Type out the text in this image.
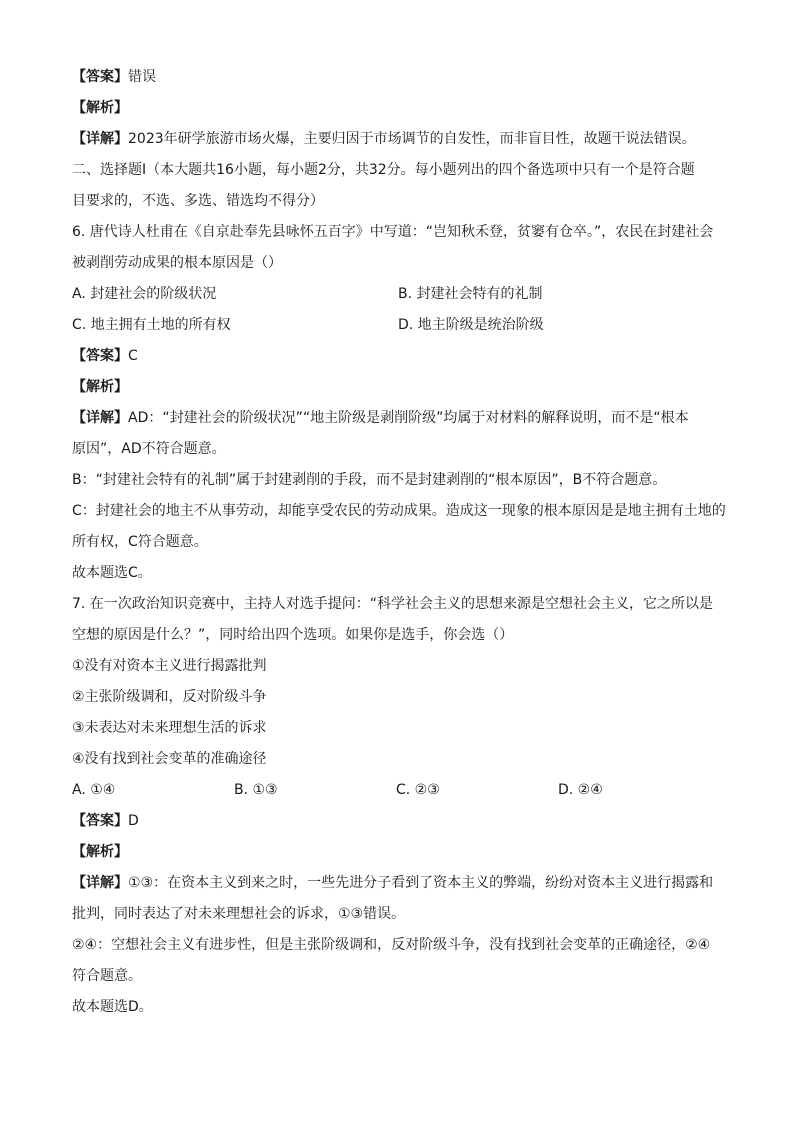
【答案】错误
【解析】
【详解】2023年研学旅游市场火爆，主要归因于市场调节的自发性，而非盲目性，故题干说法错误。
二、选择题Ⅰ（本大题共16小题，每小题2分，共32分。每小题列出的四个备选项中只有一个是符合题
目要求的，不选、多选、错选均不得分）
6. 唐代诗人杜甫在《自京赴奉先县咏怀五百字》中写道：“岂知秋禾登，贫窭有仓卒。”，农民在封建社会
被剥削劳动成果的根本原因是（）
A. 封建社会的阶级状况	B. 封建社会特有的礼制
C. 地主拥有土地的所有权	D. 地主阶级是统治阶级
【答案】C
【解析】
【详解】AD：“封建社会的阶级状况”“地主阶级是剥削阶级”均属于对材料的解释说明，而不是“根本
原因”，AD不符合题意。
B：“封建社会特有的礼制”属于封建剥削的手段，而不是封建剥削的“根本原因”，B不符合题意。
C：封建社会的地主不从事劳动，却能享受农民的劳动成果。造成这一现象的根本原因是是地主拥有土地的
所有权，C符合题意。
故本题选C。
7. 在一次政治知识竞赛中，主持人对选手提问：“科学社会主义的思想来源是空想社会主义，它之所以是
空想的原因是什么？”，同时给出四个选项。如果你是选手，你会选（）
①没有对资本主义进行揭露批判
②主张阶级调和，反对阶级斗争
③未表达对未来理想生活的诉求
④没有找到社会变革的准确途径
A. ①④	B. ①③	C. ②③	D. ②④
【答案】D
【解析】
【详解】①③：在资本主义到来之时，一些先进分子看到了资本主义的弊端，纷纷对资本主义进行揭露和
批判，同时表达了对未来理想社会的诉求，①③错误。
②④：空想社会主义有进步性，但是主张阶级调和，反对阶级斗争，没有找到社会变革的正确途径，②④
符合题意。
故本题选D。
